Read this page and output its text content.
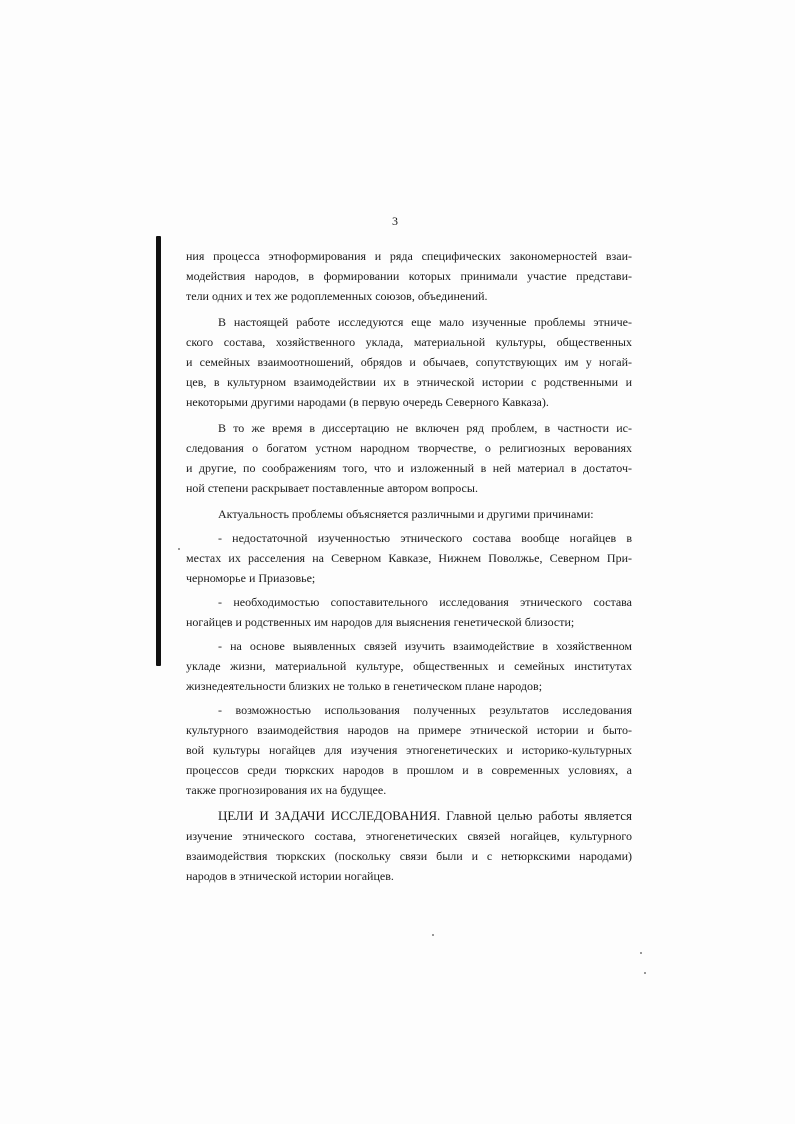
3
ния процесса этноформирования и ряда специфических закономерностей взаи-
модействия народов, в формировании которых принимали участие представи-
тели одних и тех же родоплеменных союзов, объединений.
В настоящей работе исследуются еще мало изученные проблемы этниче-
ского состава, хозяйственного уклада, материальной культуры, общественных
и семейных взаимоотношений, обрядов и обычаев, сопутствующих им у ногай-
цев, в культурном взаимодействии их в этнической истории с родственными и
некоторыми другими народами (в первую очередь Северного Кавказа).
В то же время в диссертацию не включен ряд проблем, в частности ис-
следования о богатом устном народном творчестве, о религиозных верованиях
и другие, по соображениям того, что и изложенный в ней материал в достаточ-
ной степени раскрывает поставленные автором вопросы.
Актуальность проблемы объясняется различными и другими причинами:
- недостаточной изученностью этнического состава вообще ногайцев в
местах их расселения на Северном Кавказе, Нижнем Поволжье, Северном При-
черноморье и Приазовье;
- необходимостью сопоставительного исследования этнического состава
ногайцев и родственных им народов для выяснения генетической близости;
- на основе выявленных связей изучить взаимодействие в хозяйственном
укладе жизни, материальной культуре, общественных и семейных институтах
жизнедеятельности близких не только в генетическом плане народов;
- возможностью использования полученных результатов исследования
культурного взаимодействия народов на примере этнической истории и быто-
вой культуры ногайцев для изучения этногенетических и историко-культурных
процессов среди тюркских народов в прошлом и в современных условиях, а
также прогнозирования их на будущее.
ЦЕЛИ И ЗАДАЧИ ИССЛЕДОВАНИЯ. Главной целью работы является
изучение этнического состава, этногенетических связей ногайцев, культурного
взаимодействия тюркских (поскольку связи были и с нетюркскими народами)
народов в этнической истории ногайцев.
